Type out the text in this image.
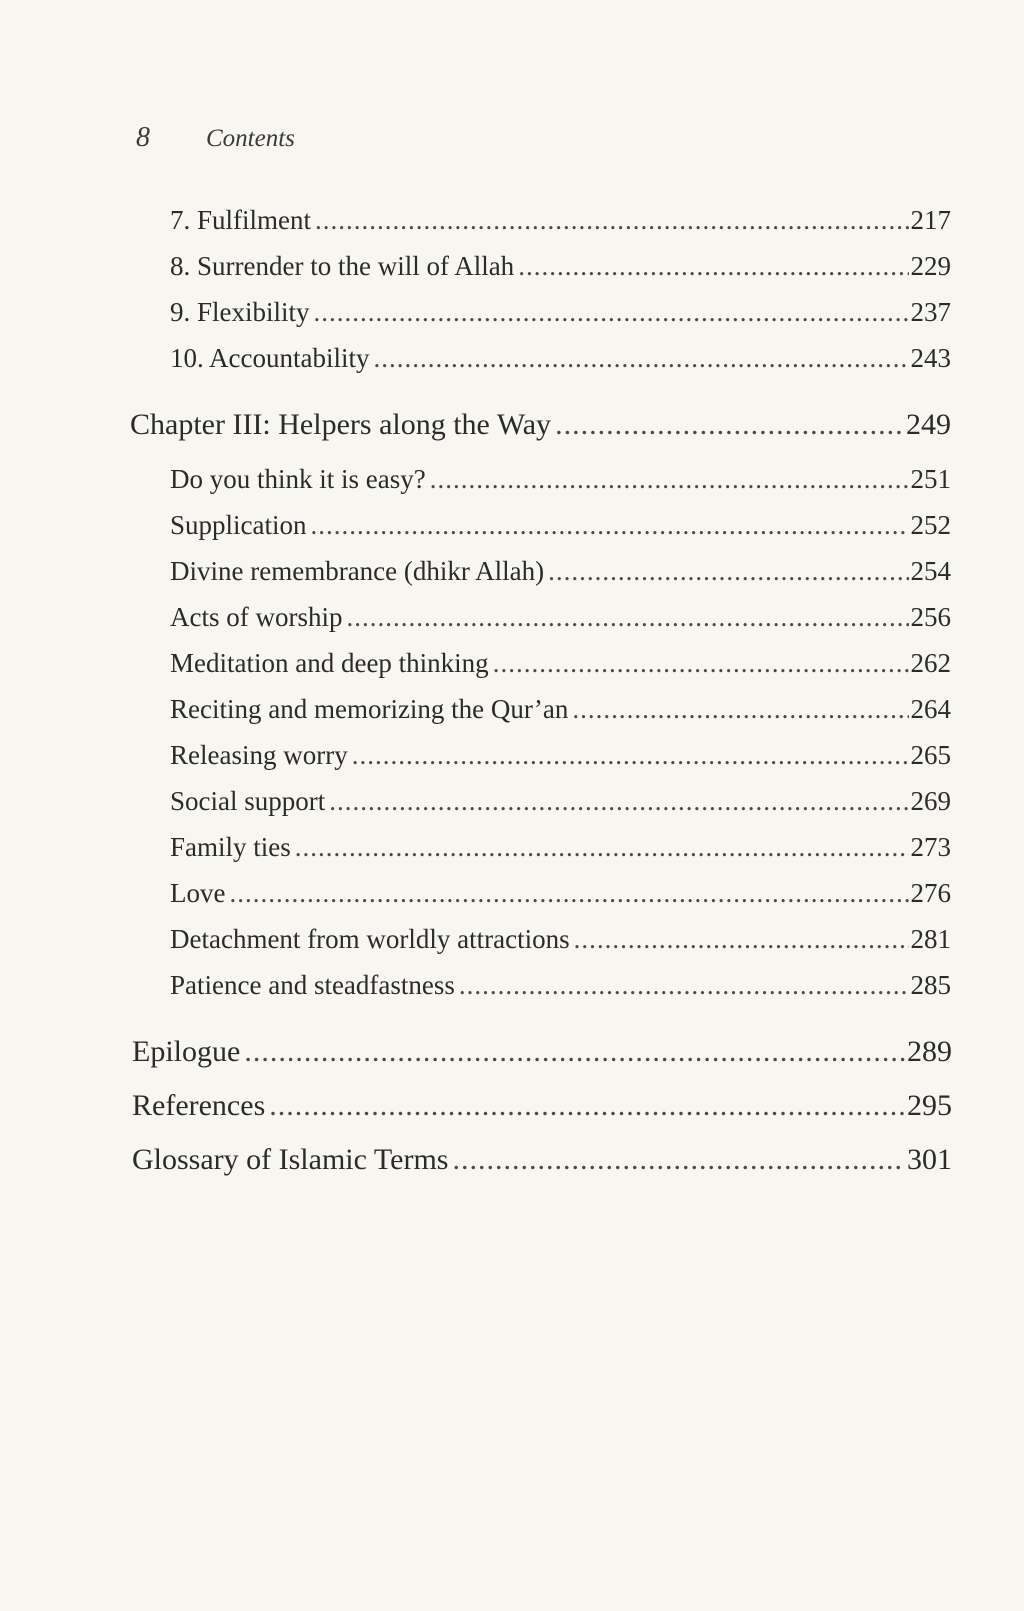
8 Contents
7. Fulfilment .....	217
8. Surrender to the will of Allah .....	229
9. Flexibility .....	237
10. Accountability .....	243
Chapter III: Helpers along the Way .....	249
Do you think it is easy? .....	251
Supplication .....	252
Divine remembrance (dhikr Allah) .....	254
Acts of worship .....	256
Meditation and deep thinking .....	262
Reciting and memorizing the Qur’an .....	264
Releasing worry .....	265
Social support .....	269
Family ties .....	273
Love .....	276
Detachment from worldly attractions .....	281
Patience and steadfastness .....	285
Epilogue .....	289
References .....	295
Glossary of Islamic Terms .....	301
